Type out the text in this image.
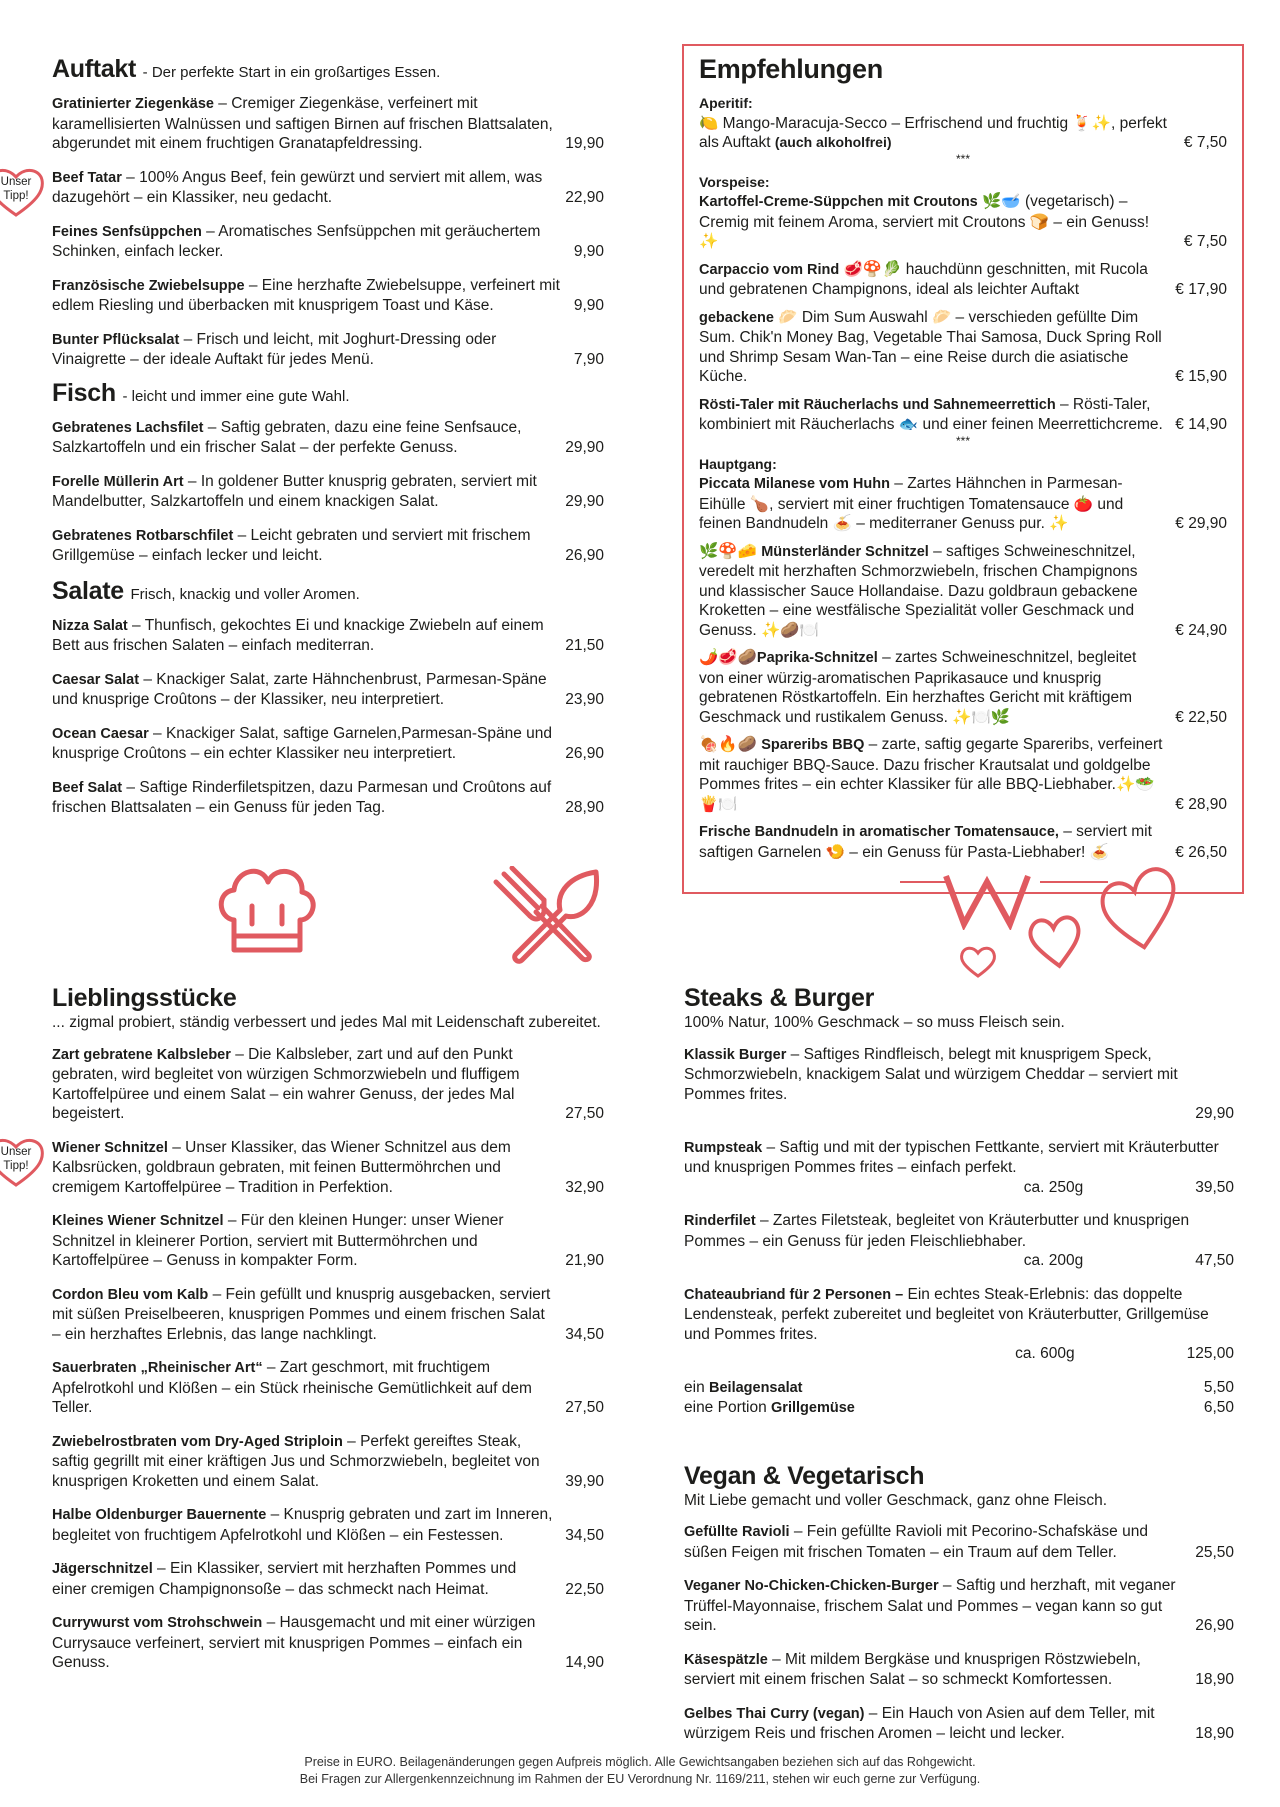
Auftakt - Der perfekte Start in ein großartiges Essen.
Gratinierter Ziegenkäse – Cremiger Ziegenkäse, verfeinert mit karamellisierten Walnüssen und saftigen Birnen auf frischen Blattsalaten, abgerundet mit einem fruchtigen Granatapfeldressing.	19,90
Unser Tipp!
Beef Tatar – 100% Angus Beef, fein gewürzt und serviert mit allem, was dazugehört – ein Klassiker, neu gedacht.	22,90
Feines Senfsüppchen – Aromatisches Senfsüppchen mit geräuchertem Schinken, einfach lecker.	9,90
Französische Zwiebelsuppe – Eine herzhafte Zwiebelsuppe, verfeinert mit edlem Riesling und überbacken mit knusprigem Toast und Käse.	9,90
Bunter Pflücksalat – Frisch und leicht, mit Joghurt-Dressing oder Vinaigrette – der ideale Auftakt für jedes Menü.	7,90
Fisch - leicht und immer eine gute Wahl.
Gebratenes Lachsfilet – Saftig gebraten, dazu eine feine Senfsauce, Salzkartoffeln und ein frischer Salat – der perfekte Genuss.	29,90
Forelle Müllerin Art – In goldener Butter knusprig gebraten, serviert mit Mandelbutter, Salzkartoffeln und einem knackigen Salat.	29,90
Gebratenes Rotbarschfilet – Leicht gebraten und serviert mit frischem Grillgemüse – einfach lecker und leicht.	26,90
Salate Frisch, knackig und voller Aromen.
Nizza Salat – Thunfisch, gekochtes Ei und knackige Zwiebeln auf einem Bett aus frischen Salaten – einfach mediterran.	21,50
Caesar Salat – Knackiger Salat, zarte Hähnchenbrust, Parmesan-Späne und knusprige Croûtons – der Klassiker, neu interpretiert.	23,90
Ocean Caesar – Knackiger Salat, saftige Garnelen,Parmesan-Späne und knusprige Croûtons – ein echter Klassiker neu interpretiert.	26,90
Beef Salat – Saftige Rinderfiletspitzen, dazu Parmesan und Croûtons auf frischen Blattsalaten – ein Genuss für jeden Tag.	28,90
Empfehlungen
Aperitif:
🍋 Mango-Maracuja-Secco – Erfrischend und fruchtig 🍹✨, perfekt als Auftakt (auch alkoholfrei)	€ 7,50
***
Vorspeise:
Kartoffel-Creme-Süppchen mit Croutons 🌿🥣 (vegetarisch) – Cremig mit feinem Aroma, serviert mit Croutons 🍞 – ein Genuss! ✨	€ 7,50
Carpaccio vom Rind 🥩🍄🥬 hauchdünn geschnitten, mit Rucola und gebratenen Champignons, ideal als leichter Auftakt	€ 17,90
gebackene 🥟 Dim Sum Auswahl 🥟 – verschieden gefüllte Dim Sum. Chik'n Money Bag, Vegetable Thai Samosa, Duck Spring Roll und Shrimp Sesam Wan-Tan – eine Reise durch die asiatische Küche.	€ 15,90
Rösti-Taler mit Räucherlachs und Sahnemeerrettich – Rösti-Taler, kombiniert mit Räucherlachs 🐟 und einer feinen Meerrettichcreme. € 14,90
***
Hauptgang:
Piccata Milanese vom Huhn – Zartes Hähnchen in Parmesan-Eihülle 🍗, serviert mit einer fruchtigen Tomatensauce 🍅 und feinen Bandnudeln 🍝 – mediterraner Genuss pur. ✨	€ 29,90
🌿🍄🧀 Münsterländer Schnitzel – saftiges Schweineschnitzel, veredelt mit herzhaften Schmorzwiebeln, frischen Champignons und klassischer Sauce Hollandaise. Dazu goldbraun gebackene Kroketten – eine westfälische Spezialität voller Geschmack und Genuss. ✨🥔🍽️	€ 24,90
🌶️🥩🥔Paprika-Schnitzel – zartes Schweineschnitzel, begleitet von einer würzig-aromatischen Paprikasauce und knusprig gebratenen Röstkartoffeln. Ein herzhaftes Gericht mit kräftigem Geschmack und rustikalem Genuss. ✨🍽️🌿	€ 22,50
🍖🔥🥔 Spareribs BBQ – zarte, saftig gegarte Spareribs, verfeinert mit rauchiger BBQ-Sauce. Dazu frischer Krautsalat und goldgelbe Pommes frites – ein echter Klassiker für alle BBQ-Liebhaber.✨🥗🍟🍽️	€ 28,90
Frische Bandnudeln in aromatischer Tomatensauce, – serviert mit saftigen Garnelen 🍤 – ein Genuss für Pasta-Liebhaber! 🍝	€ 26,50
Lieblingsstücke
... zigmal probiert, ständig verbessert und jedes Mal mit Leidenschaft zubereitet.
Zart gebratene Kalbsleber – Die Kalbsleber, zart und auf den Punkt gebraten, wird begleitet von würzigen Schmorzwiebeln und fluffigem Kartoffelpüree und einem Salat – ein wahrer Genuss, der jedes Mal begeistert.	27,50
Unser Tipp!
Wiener Schnitzel – Unser Klassiker, das Wiener Schnitzel aus dem Kalbsrücken, goldbraun gebraten, mit feinen Buttermöhrchen und cremigem Kartoffelpüree – Tradition in Perfektion.	32,90
Kleines Wiener Schnitzel – Für den kleinen Hunger: unser Wiener Schnitzel in kleinerer Portion, serviert mit Buttermöhrchen und Kartoffelpüree – Genuss in kompakter Form.	21,90
Cordon Bleu vom Kalb – Fein gefüllt und knusprig ausgebacken, serviert mit süßen Preiselbeeren, knusprigen Pommes und einem frischen Salat – ein herzhaftes Erlebnis, das lange nachklingt.	34,50
Sauerbraten „Rheinischer Art“ – Zart geschmort, mit fruchtigem Apfelrotkohl und Klößen – ein Stück rheinische Gemütlichkeit auf dem Teller.	27,50
Zwiebelrostbraten vom Dry-Aged Striploin – Perfekt gereiftes Steak, saftig gegrillt mit einer kräftigen Jus und Schmorzwiebeln, begleitet von knusprigen Kroketten und einem Salat.	39,90
Halbe Oldenburger Bauernente – Knusprig gebraten und zart im Inneren, begleitet von fruchtigem Apfelrotkohl und Klößen – ein Festessen.	34,50
Jägerschnitzel – Ein Klassiker, serviert mit herzhaften Pommes und einer cremigen Champignonsoße – das schmeckt nach Heimat.	22,50
Currywurst vom Strohschwein – Hausgemacht und mit einer würzigen Currysauce verfeinert, serviert mit knusprigen Pommes – einfach ein Genuss.	14,90
Steaks & Burger
100% Natur, 100% Geschmack – so muss Fleisch sein.
Klassik Burger – Saftiges Rindfleisch, belegt mit knusprigem Speck, Schmorzwiebeln, knackigem Salat und würzigem Cheddar – serviert mit Pommes frites.
29,90
Rumpsteak – Saftig und mit der typischen Fettkante, serviert mit Kräuterbutter und knusprigen Pommes frites – einfach perfekt.
ca. 250g	39,50
Rinderfilet – Zartes Filetsteak, begleitet von Kräuterbutter und knusprigen Pommes – ein Genuss für jeden Fleischliebhaber.
ca. 200g	47,50
Chateaubriand für 2 Personen – Ein echtes Steak-Erlebnis: das doppelte Lendensteak, perfekt zubereitet und begleitet von Kräuterbutter, Grillgemüse und Pommes frites.
ca. 600g	125,00
ein Beilagensalat	5,50
eine Portion Grillgemüse	6,50
Vegan & Vegetarisch
Mit Liebe gemacht und voller Geschmack, ganz ohne Fleisch.
Gefüllte Ravioli – Fein gefüllte Ravioli mit Pecorino-Schafskäse und süßen Feigen mit frischen Tomaten – ein Traum auf dem Teller.	25,50
Veganer No-Chicken-Chicken-Burger – Saftig und herzhaft, mit veganer Trüffel-Mayonnaise, frischem Salat und Pommes – vegan kann so gut sein.	26,90
Käsespätzle – Mit mildem Bergkäse und knusprigen Röstzwiebeln, serviert mit einem frischen Salat – so schmeckt Komfortessen.	18,90
Gelbes Thai Curry (vegan) – Ein Hauch von Asien auf dem Teller, mit würzigem Reis und frischen Aromen – leicht und lecker.	18,90
Preise in EURO. Beilagenänderungen gegen Aufpreis möglich. Alle Gewichtsangaben beziehen sich auf das Rohgewicht.
Bei Fragen zur Allergenkennzeichnung im Rahmen der EU Verordnung Nr. 1169/211, stehen wir euch gerne zur Verfügung.
